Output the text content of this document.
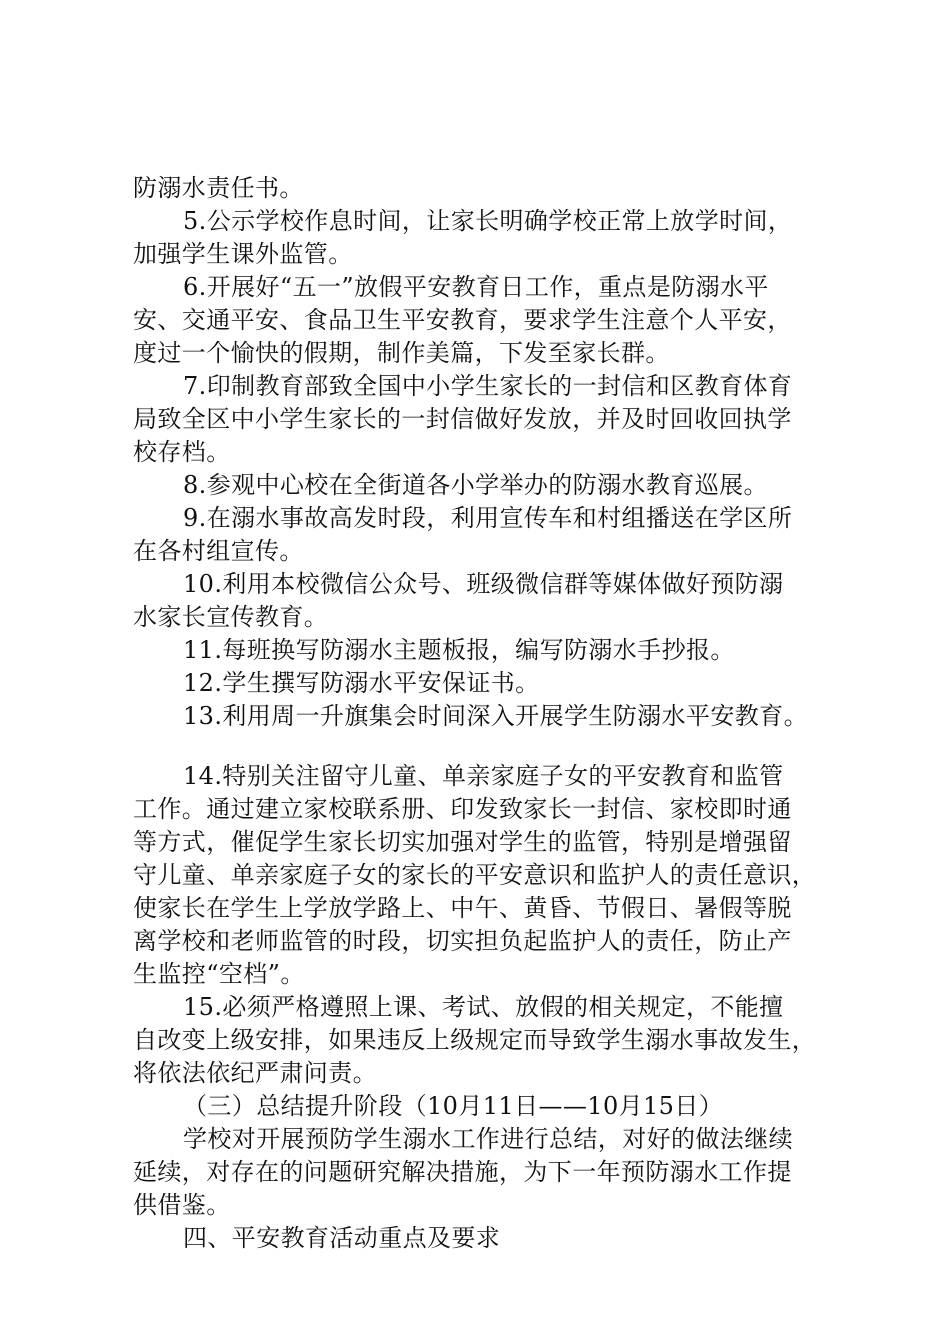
防溺水责任书。
5.公示学校作息时间，让家长明确学校正常上放学时间，
加强学生课外监管。
6.开展好“五一”放假平安教育日工作，重点是防溺水平
安、交通平安、食品卫生平安教育，要求学生注意个人平安，
度过一个愉快的假期，制作美篇，下发至家长群。
7.印制教育部致全国中小学生家长的一封信和区教育体育
局致全区中小学生家长的一封信做好发放，并及时回收回执学
校存档。
8.参观中心校在全街道各小学举办的防溺水教育巡展。
9.在溺水事故高发时段，利用宣传车和村组播送在学区所
在各村组宣传。
10.利用本校微信公众号、班级微信群等媒体做好预防溺
水家长宣传教育。
11.每班换写防溺水主题板报，编写防溺水手抄报。
12.学生撰写防溺水平安保证书。
13.利用周一升旗集会时间深入开展学生防溺水平安教育。
14.特别关注留守儿童、单亲家庭子女的平安教育和监管
工作。通过建立家校联系册、印发致家长一封信、家校即时通
等方式，催促学生家长切实加强对学生的监管，特别是增强留
守儿童、单亲家庭子女的家长的平安意识和监护人的责任意识，
使家长在学生上学放学路上、中午、黄昏、节假日、暑假等脱
离学校和老师监管的时段，切实担负起监护人的责任，防止产
生监控“空档”。
15.必须严格遵照上课、考试、放假的相关规定，不能擅
自改变上级安排，如果违反上级规定而导致学生溺水事故发生，
将依法依纪严肃问责。
（三）总结提升阶段（10月11日——10月15日）
学校对开展预防学生溺水工作进行总结，对好的做法继续
延续，对存在的问题研究解决措施，为下一年预防溺水工作提
供借鉴。
四、平安教育活动重点及要求
